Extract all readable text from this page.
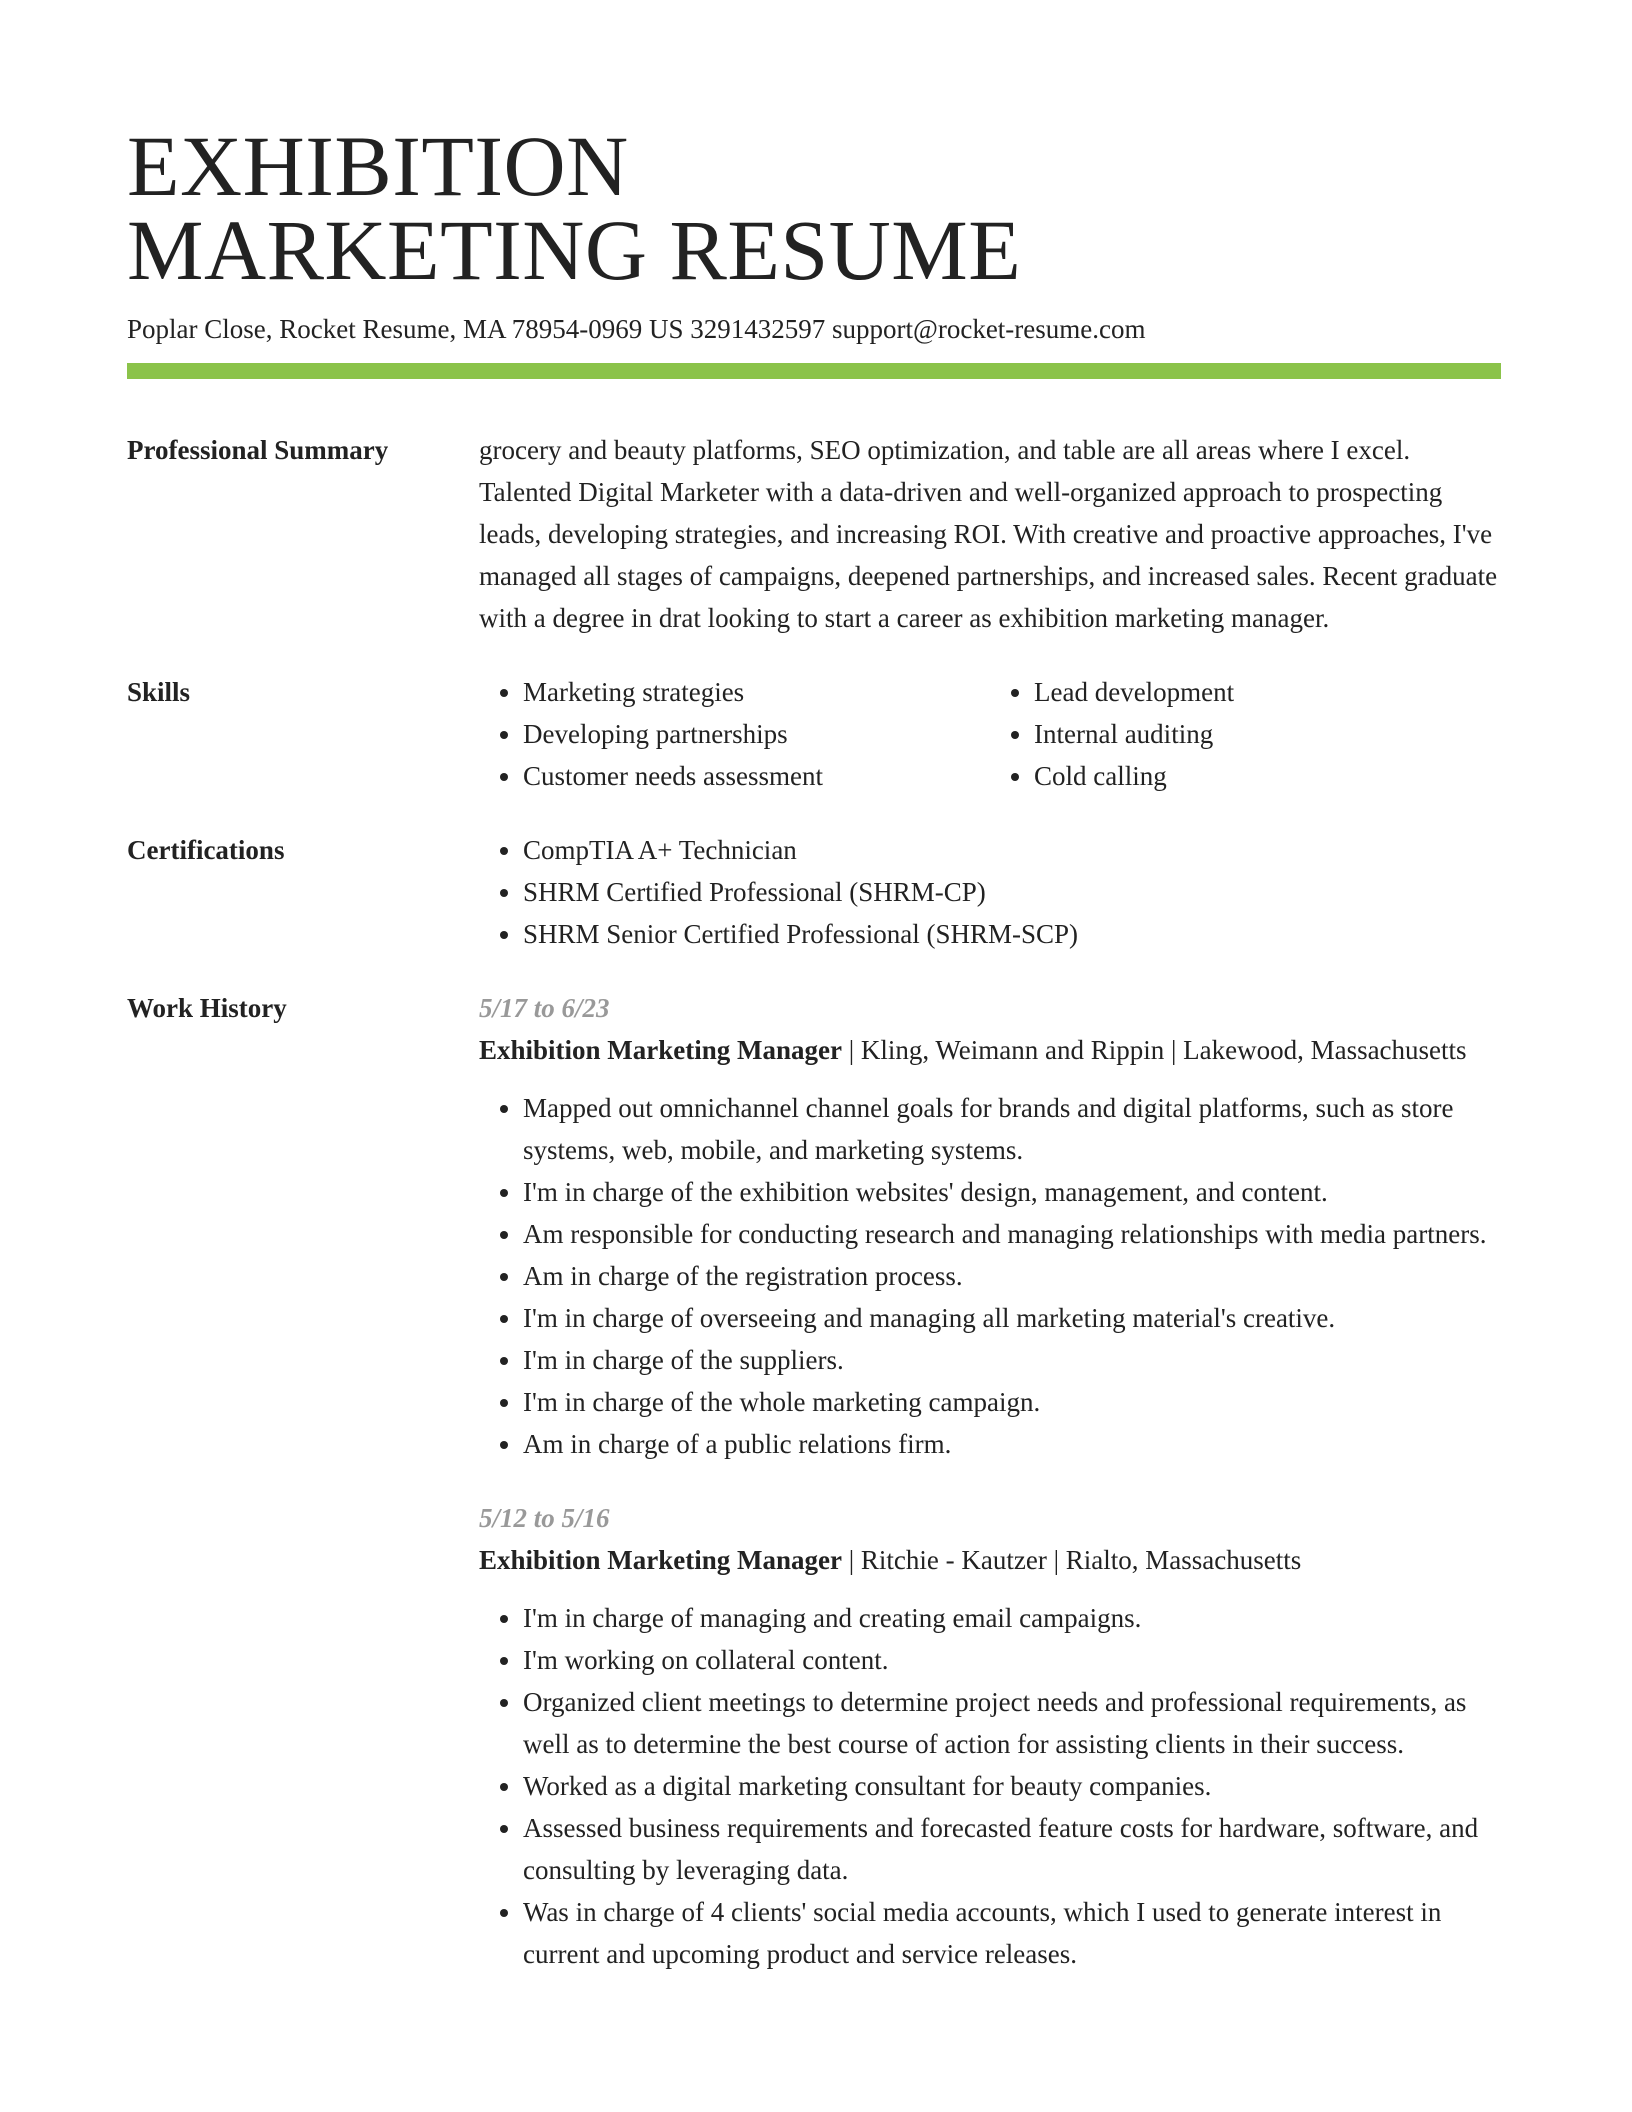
EXHIBITION
MARKETING RESUME
Poplar Close, Rocket Resume, MA 78954-0969 US 3291432597 support@rocket-resume.com
Professional Summary	grocery and beauty platforms, SEO optimization, and table are all areas where I excel. Talented Digital Marketer with a data-driven and well-organized approach to prospecting leads, developing strategies, and increasing ROI. With creative and proactive approaches, I've managed all stages of campaigns, deepened partnerships, and increased sales. Recent graduate with a degree in drat looking to start a career as exhibition marketing manager.
Skills	• Marketing strategies
• Developing partnerships
• Customer needs assessment
• Lead development
• Internal auditing
• Cold calling
Certifications	• CompTIA A+ Technician
• SHRM Certified Professional (SHRM-CP)
• SHRM Senior Certified Professional (SHRM-SCP)
Work History	5/17 to 6/23
Exhibition Marketing Manager | Kling, Weimann and Rippin | Lakewood, Massachusetts
• Mapped out omnichannel channel goals for brands and digital platforms, such as store systems, web, mobile, and marketing systems.
• I'm in charge of the exhibition websites' design, management, and content.
• Am responsible for conducting research and managing relationships with media partners.
• Am in charge of the registration process.
• I'm in charge of overseeing and managing all marketing material's creative.
• I'm in charge of the suppliers.
• I'm in charge of the whole marketing campaign.
• Am in charge of a public relations firm.
5/12 to 5/16
Exhibition Marketing Manager | Ritchie - Kautzer | Rialto, Massachusetts
• I'm in charge of managing and creating email campaigns.
• I'm working on collateral content.
• Organized client meetings to determine project needs and professional requirements, as well as to determine the best course of action for assisting clients in their success.
• Worked as a digital marketing consultant for beauty companies.
• Assessed business requirements and forecasted feature costs for hardware, software, and consulting by leveraging data.
• Was in charge of 4 clients' social media accounts, which I used to generate interest in current and upcoming product and service releases.
